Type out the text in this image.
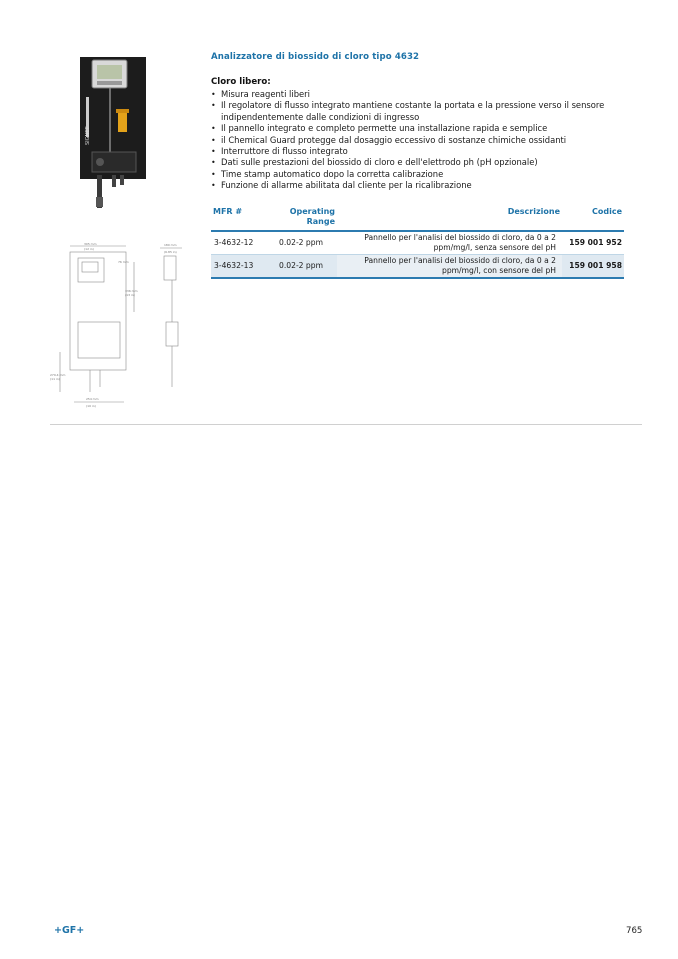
SIGNET
305 mm
(12 in)
76 mm
336 mm
(13 in)
279.4 mm
(11 in)
254 mm
(10 in)
180 mm
(6.85 in)
Analizzatore di biossido di cloro tipo 4632
Cloro libero:
• Misura reagenti liberi
• Il regolatore di flusso integrato mantiene costante la portata e la pressione verso il sensore indipendentemente dalle condizioni di ingresso
• Il pannello integrato e completo permette una installazione rapida e semplice
• il Chemical Guard protegge dal dosaggio eccessivo di sostanze chimiche ossidanti
• Interruttore di flusso integrato
• Dati sulle prestazioni del biossido di cloro e dell'elettrodo ph (pH opzionale)
• Time stamp automatico dopo la corretta calibrazione
• Funzione di allarme abilitata dal cliente per la ricalibrazione
MFR #	Operating Range	Descrizione	Codice
3-4632-12	0.02-2 ppm	Pannello per l'analisi del biossido di cloro, da 0 a 2 ppm/mg/l, senza sensore del pH	159 001 952
3-4632-13	0.02-2 ppm	Pannello per l'analisi del biossido di cloro, da 0 a 2 ppm/mg/l, con sensore del pH	159 001 958
+GF+	765
